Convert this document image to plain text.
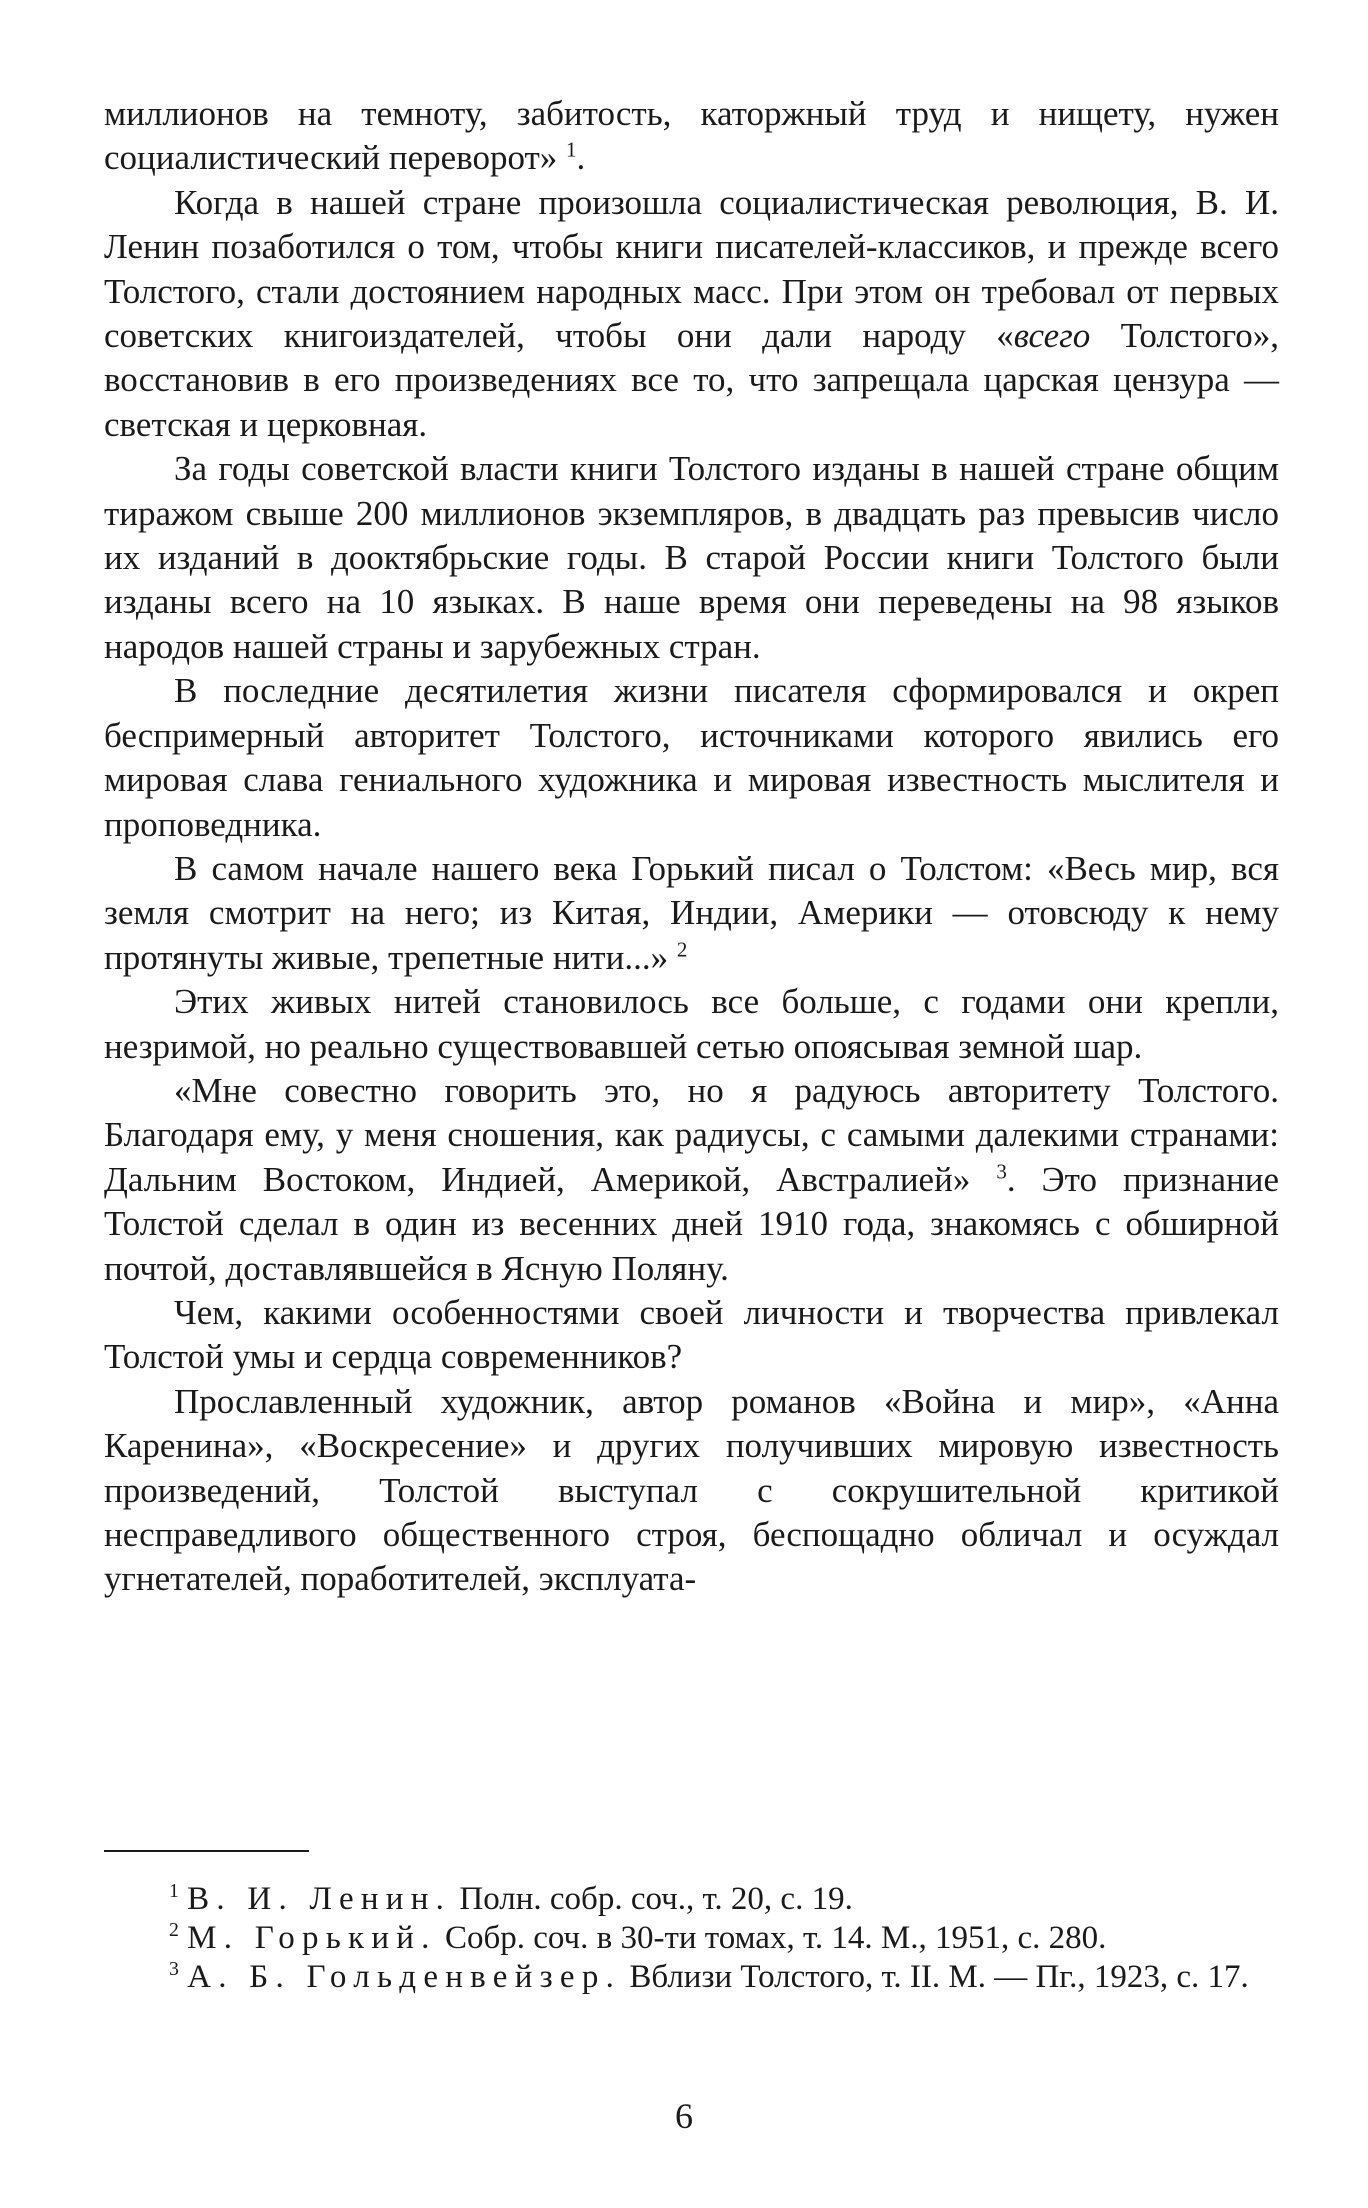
миллионов на темноту, забитость, каторжный труд и нищету, нужен социалистический переворот» $^1$.

Когда в нашей стране произошла социалистическая революция, В. И. Ленин позаботился о том, чтобы книги писателей-классиков, и прежде всего Толстого, стали достоянием народных масс. При этом он требовал от первых советских книгоиздателей, чтобы они дали народу «всего Толстого», восстановив в его произведениях все то, что запрещала царская цензура — светская и церковная.

За годы советской власти книги Толстого изданы в нашей стране общим тиражом свыше 200 миллионов экземпляров, в двадцать раз превысив число их изданий в дооктябрьские годы. В старой России книги Толстого были изданы всего на 10 языках. В наше время они переведены на 98 языков народов нашей страны и зарубежных стран.

В последние десятилетия жизни писателя сформировался и окреп беспримерный авторитет Толстого, источниками которого явились его мировая слава гениального художника и мировая известность мыслителя и проповедника.

В самом начале нашего века Горький писал о Толстом: «Весь мир, вся земля смотрит на него; из Китая, Индии, Америки — отовсюду к нему протянуты живые, трепетные нити...» $^2$

Этих живых нитей становилось все больше, с годами они крепли, незримой, но реально существовавшей сетью опоясывая земной шар.

«Мне совестно говорить это, но я радуюсь авторитету Толстого. Благодаря ему, у меня сношения, как радиусы, с самыми далекими странами: Дальним Востоком, Индией, Америкой, Австралией» $^3$. Это признание Толстой сделал в один из весенних дней 1910 года, знакомясь с обширной почтой, доставлявшейся в Ясную Поляну.

Чем, какими особенностями своей личности и творчества привлекал Толстой умы и сердца современников?

Прославленный художник, автор романов «Война и мир», «Анна Каренина», «Воскресение» и других получивших мировую известность произведений, Толстой выступал с сокрушительной критикой несправедливого общественного строя, беспощадно обличал и осуждал угнетателей, поработителей, эксплуата-

$^1$ В. И. Ленин. Полн. собр. соч., т. 20, с. 19.

$^2$ М. Горький. Собр. соч. в 30-ти томах, т. 14. М., 1951, с. 280.

$^3$ А. Б. Гольденвейзер. Вблизи Толстого, т. II. М. — Пг., 1923, с. 17.

6
